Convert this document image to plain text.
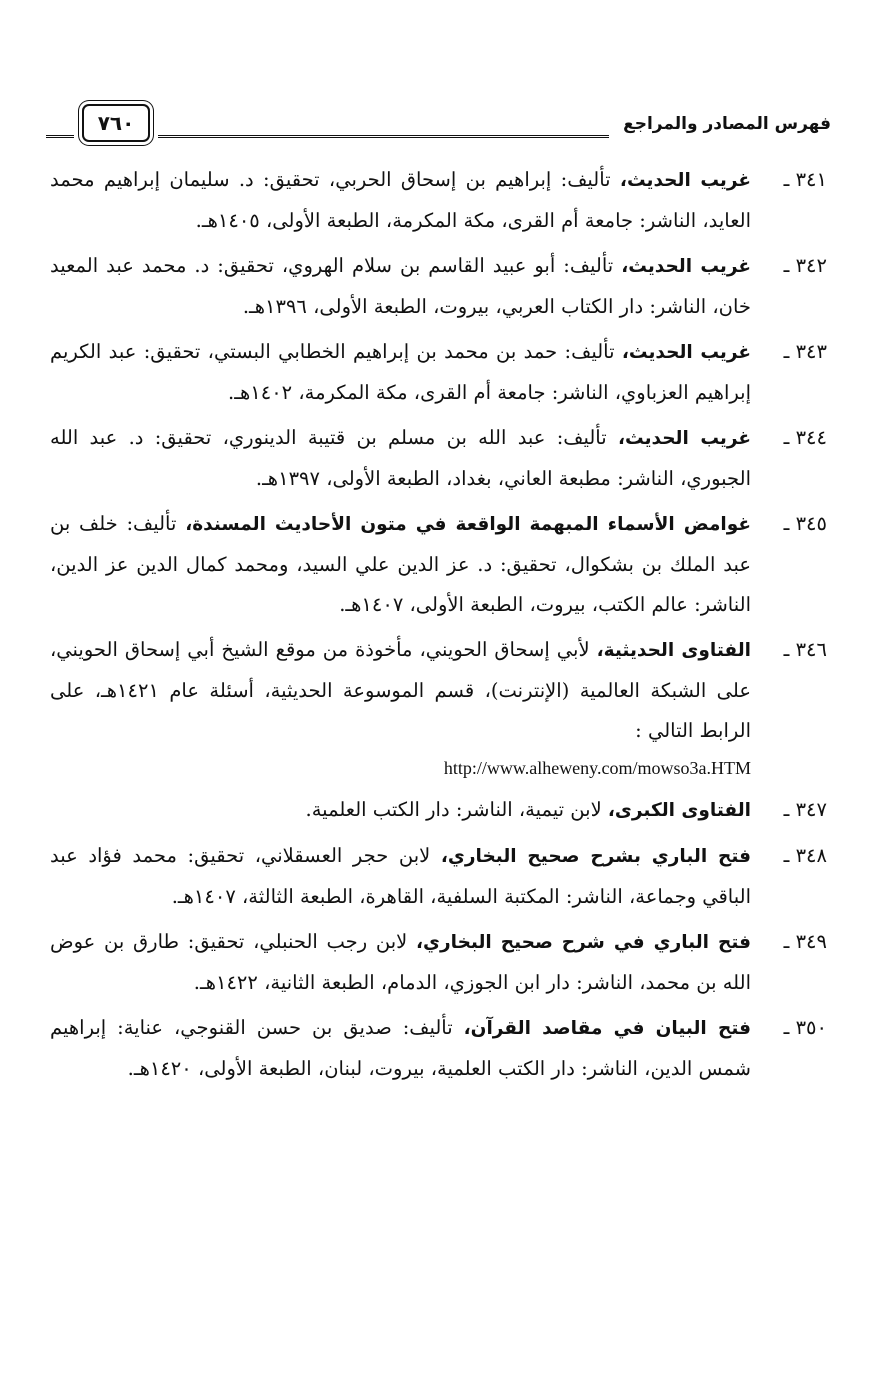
فهرس المصادر والمراجع
٧٦٠
٣٤١ ـ
غريب الحديث، تأليف: إبراهيم بن إسحاق الحربي، تحقيق: د. سليمان إبراهيم محمد العايد، الناشر: جامعة أم القرى، مكة المكرمة، الطبعة الأولى، ١٤٠٥هـ.
٣٤٢ ـ
غريب الحديث، تأليف: أبو عبيد القاسم بن سلام الهروي، تحقيق: د. محمد عبد المعيد خان، الناشر: دار الكتاب العربي، بيروت، الطبعة الأولى، ١٣٩٦هـ.
٣٤٣ ـ
غريب الحديث، تأليف: حمد بن محمد بن إبراهيم الخطابي البستي، تحقيق: عبد الكريم إبراهيم العزباوي، الناشر: جامعة أم القرى، مكة المكرمة، ١٤٠٢هـ.
٣٤٤ ـ
غريب الحديث، تأليف: عبد الله بن مسلم بن قتيبة الدينوري، تحقيق: د. عبد الله الجبوري، الناشر: مطبعة العاني، بغداد، الطبعة الأولى، ١٣٩٧هـ.
٣٤٥ ـ
غوامض الأسماء المبهمة الواقعة في متون الأحاديث المسندة، تأليف: خلف بن عبد الملك بن بشكوال، تحقيق: د. عز الدين علي السيد، ومحمد كمال الدين عز الدين، الناشر: عالم الكتب، بيروت، الطبعة الأولى، ١٤٠٧هـ.
٣٤٦ ـ
الفتاوى الحديثية، لأبي إسحاق الحويني، مأخوذة من موقع الشيخ أبي إسحاق الحويني، على الشبكة العالمية (الإنترنت)، قسم الموسوعة الحديثية، أسئلة عام ١٤٢١هـ، على الرابط التالي :
http://www.alheweny.com/mowso3a.HTM
٣٤٧ ـ
الفتاوى الكبرى، لابن تيمية، الناشر: دار الكتب العلمية.
٣٤٨ ـ
فتح الباري بشرح صحيح البخاري، لابن حجر العسقلاني، تحقيق: محمد فؤاد عبد الباقي وجماعة، الناشر: المكتبة السلفية، القاهرة، الطبعة الثالثة، ١٤٠٧هـ.
٣٤٩ ـ
فتح الباري في شرح صحيح البخاري، لابن رجب الحنبلي، تحقيق: طارق بن عوض الله بن محمد، الناشر: دار ابن الجوزي، الدمام، الطبعة الثانية، ١٤٢٢هـ.
٣٥٠ ـ
فتح البيان في مقاصد القرآن، تأليف: صديق بن حسن القنوجي، عناية: إبراهيم شمس الدين، الناشر: دار الكتب العلمية، بيروت، لبنان، الطبعة الأولى، ١٤٢٠هـ.
